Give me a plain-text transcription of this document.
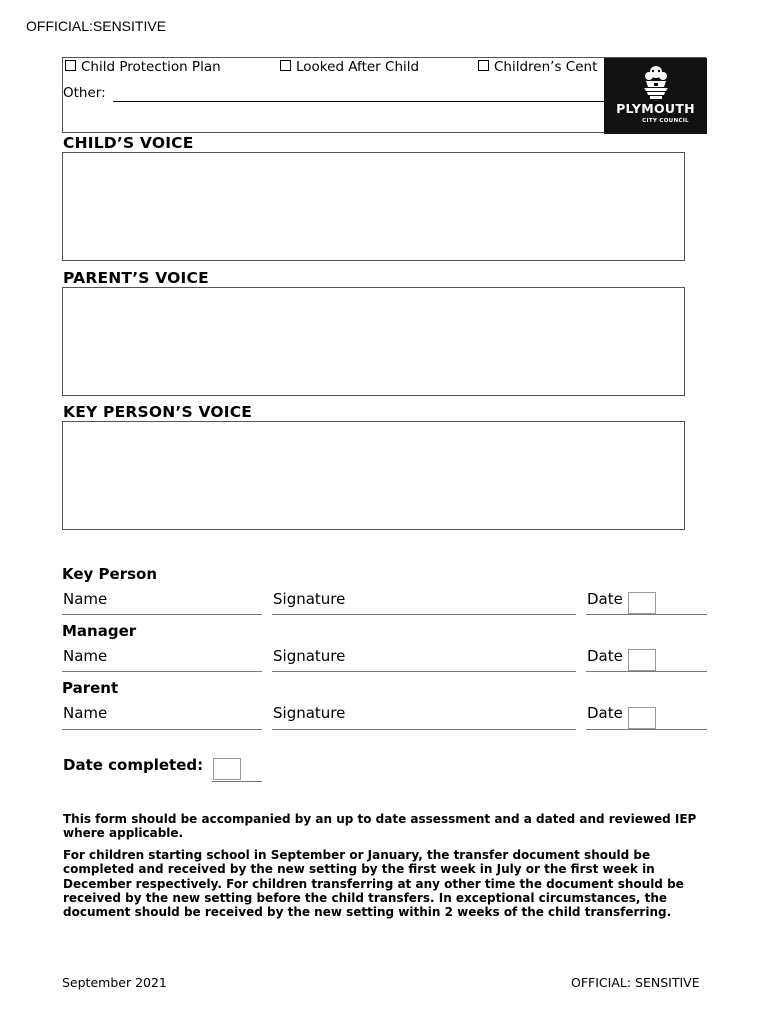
OFFICIAL:SENSITIVE
Child Protection Plan	Looked After Child	Children’s Cent
Other:
PLYMOUTH
CITY COUNCIL
CHILD’S VOICE
PARENT’S VOICE
KEY PERSON’S VOICE
Key Person
Name	Signature	Date
Manager
Name	Signature	Date
Parent
Name	Signature	Date
Date completed:
This form should be accompanied by an up to date assessment and a dated and reviewed IEP where applicable.
For children starting school in September or January, the transfer document should be completed and received by the new setting by the first week in July or the first week in December respectively. For children transferring at any other time the document should be received by the new setting before the child transfers. In exceptional circumstances, the document should be received by the new setting within 2 weeks of the child transferring.
September 2021	OFFICIAL: SENSITIVE
